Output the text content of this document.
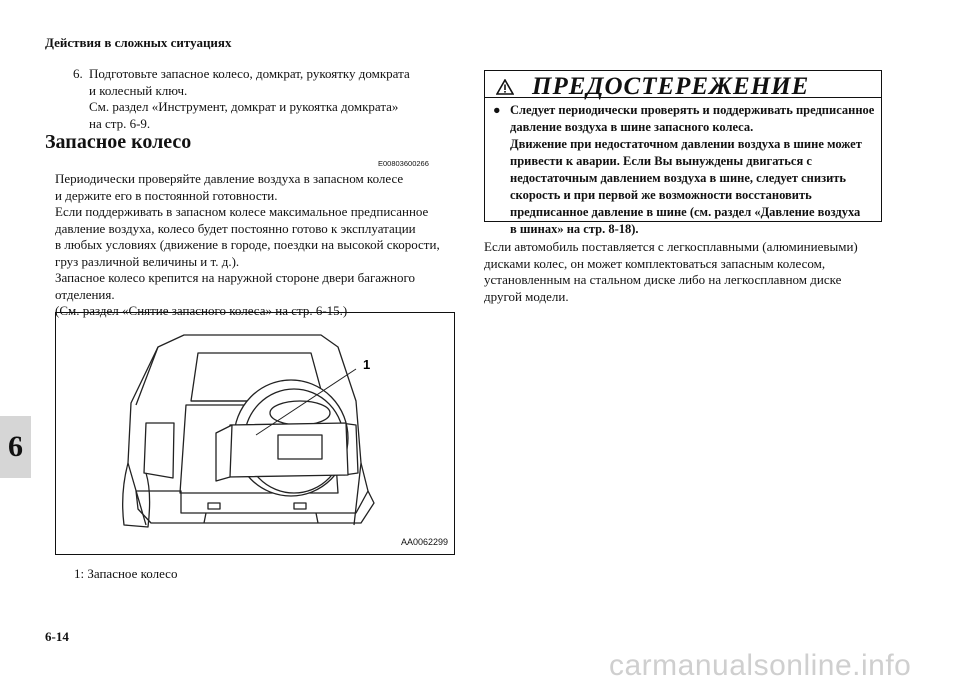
Действия в сложных ситуациях
6
6. Подготовьте запасное колесо, домкрат, рукоятку домкрата
и колесный ключ.
См. раздел «Инструмент, домкрат и рукоятка домкрата»
на стр. 6-9.
Запасное колесо
E00803600266
Периодически проверяйте давление воздуха в запасном колесе
и держите его в постоянной готовности.
Если поддерживать в запасном колесе максимальное предписанное
давление воздуха, колесо будет постоянно готово к эксплуатации
в любых условиях (движение в городе, поездки на высокой скорости,
груз различной величины и т. д.).
Запасное колесо крепится на наружной стороне двери багажного
отделения.
(См. раздел «Снятие запасного колеса» на стр. 6-15.)
1
AA0062299
1: Запасное колесо
ПРЕДОСТЕРЕЖЕНИЕ
● Следует периодически проверять и поддерживать предписанное
давление воздуха в шине запасного колеса.
Движение при недостаточном давлении воздуха в шине может
привести к аварии. Если Вы вынуждены двигаться с
недостаточным давлением воздуха в шине, следует снизить
скорость и при первой же возможности восстановить
предписанное давление в шине (см. раздел «Давление воздуха
в шинах» на стр. 8-18).
Если автомобиль поставляется с легкосплавными (алюминиевыми)
дисками колес, он может комплектоваться запасным колесом,
установленным на стальном диске либо на легкосплавном диске
другой модели.
6-14
carmanualsonline.info
